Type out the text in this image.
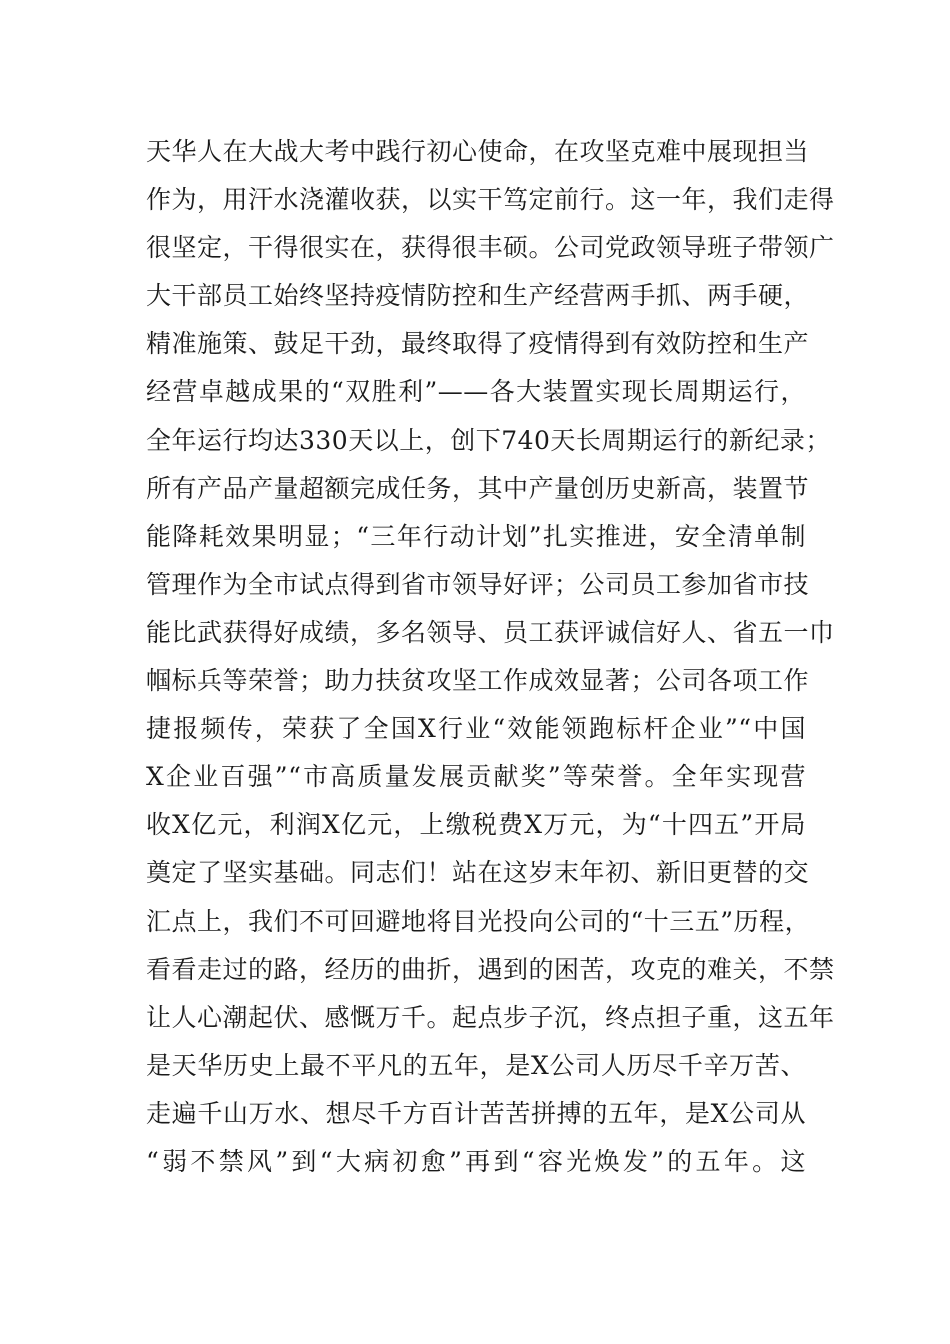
天华人在大战大考中践行初心使命，在攻坚克难中展现担当
作为，用汗水浇灌收获，以实干笃定前行。这一年，我们走得
很坚定，干得很实在，获得很丰硕。公司党政领导班子带领广
大干部员工始终坚持疫情防控和生产经营两手抓、两手硬，
精准施策、鼓足干劲，最终取得了疫情得到有效防控和生产
经营卓越成果的“双胜利”——各大装置实现长周期运行，
全年运行均达330天以上，创下740天长周期运行的新纪录；
所有产品产量超额完成任务，其中产量创历史新高，装置节
能降耗效果明显；“三年行动计划”扎实推进，安全清单制
管理作为全市试点得到省市领导好评；公司员工参加省市技
能比武获得好成绩，多名领导、员工获评诚信好人、省五一巾
帼标兵等荣誉；助力扶贫攻坚工作成效显著；公司各项工作
捷报频传，荣获了全国X行业“效能领跑标杆企业”“中国
X企业百强”“市高质量发展贡献奖”等荣誉。全年实现营
收X亿元，利润X亿元，上缴税费X万元，为“十四五”开局
奠定了坚实基础。同志们！站在这岁末年初、新旧更替的交
汇点上，我们不可回避地将目光投向公司的“十三五”历程，
看看走过的路，经历的曲折，遇到的困苦，攻克的难关，不禁
让人心潮起伏、感慨万千。起点步子沉，终点担子重，这五年
是天华历史上最不平凡的五年，是X公司人历尽千辛万苦、
走遍千山万水、想尽千方百计苦苦拼搏的五年，是X公司从
“弱不禁风”到“大病初愈”再到“容光焕发”的五年。这
